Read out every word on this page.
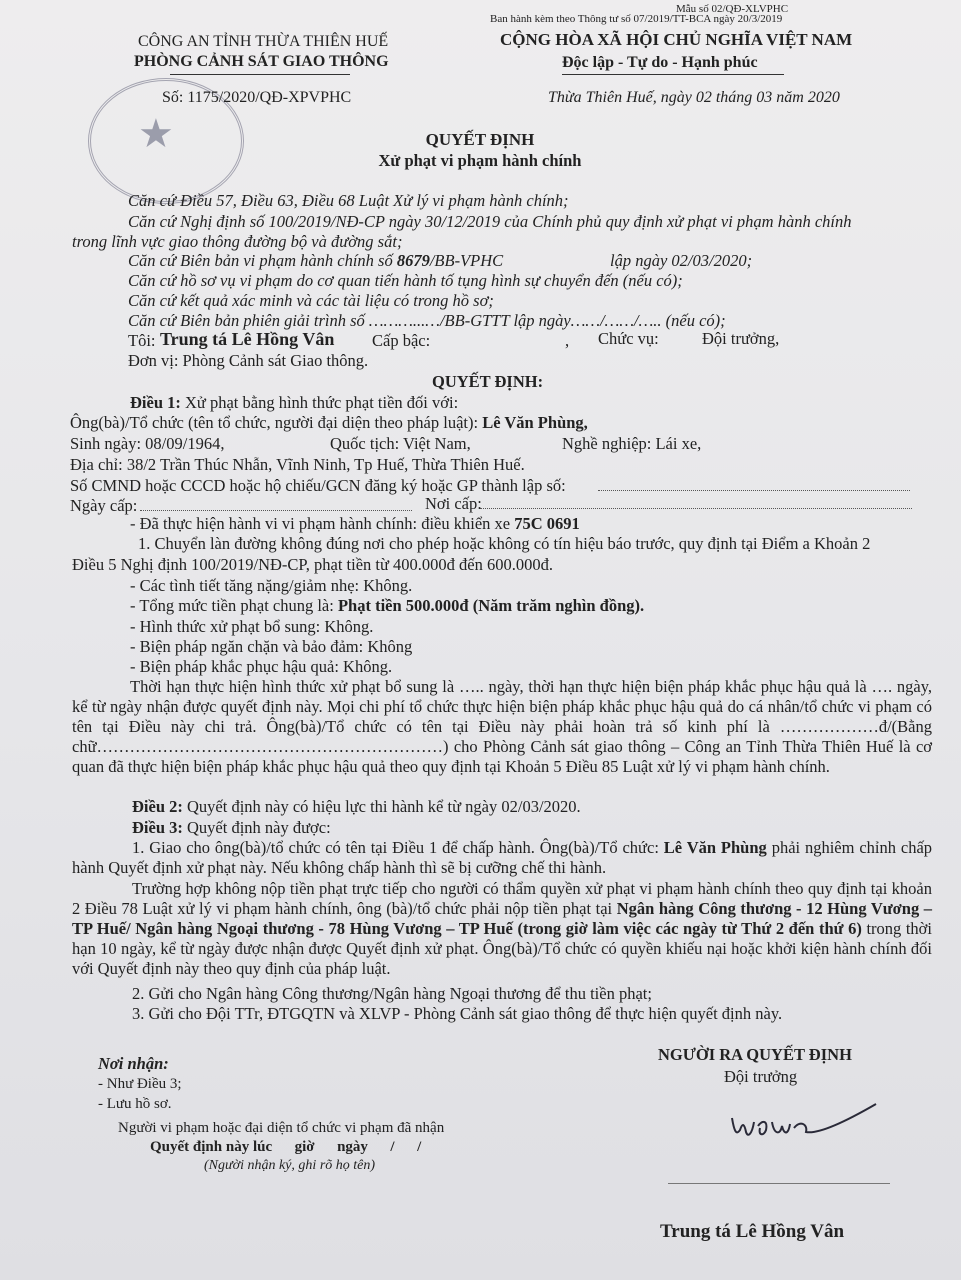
Mẫu số 02/QĐ-XLVPHC
Ban hành kèm theo Thông tư số 07/2019/TT-BCA ngày 20/3/2019
★
CÔNG AN TỈNH THỪA THIÊN HUẾ
PHÒNG CẢNH SÁT GIAO THÔNG
Số: 1175/2020/QĐ-XPVPHC
CỘNG HÒA XÃ HỘI CHỦ NGHĨA VIỆT NAM
Độc lập - Tự do - Hạnh phúc
Thừa Thiên Huế, ngày 02 tháng 03 năm 2020
QUYẾT ĐỊNH
Xử phạt vi phạm hành chính
Căn cứ Điều 57, Điều 63, Điều 68 Luật Xử lý vi phạm hành chính;
Căn cứ Nghị định số 100/2019/NĐ-CP ngày 30/12/2019 của Chính phủ quy định xử phạt vi phạm hành chính
trong lĩnh vực giao thông đường bộ và đường sắt;
Căn cứ Biên bản vi phạm hành chính số 8679/BB-VPHC	lập ngày 02/03/2020;
Căn cứ hồ sơ vụ vi phạm do cơ quan tiến hành tố tụng hình sự chuyển đến (nếu có);
Căn cứ kết quả xác minh và các tài liệu có trong hồ sơ;
Căn cứ Biên bản phiên giải trình số ………...…/BB-GTTT lập ngày……/……/….. (nếu có);
Tôi: Trung tá Lê Hồng Vân Cấp bậc:	, Chức vụ:	Đội trưởng,
Đơn vị: Phòng Cảnh sát Giao thông.
QUYẾT ĐỊNH:
Điều 1: Xử phạt bằng hình thức phạt tiền đối với:
Ông(bà)/Tổ chức (tên tổ chức, người đại diện theo pháp luật): Lê Văn Phùng,
Sinh ngày: 08/09/1964,	Quốc tịch: Việt Nam,	Nghề nghiệp: Lái xe,
Địa chỉ: 38/2 Trần Thúc Nhẫn, Vĩnh Ninh, Tp Huế, Thừa Thiên Huế.
Số CMND hoặc CCCD hoặc hộ chiếu/GCN đăng ký hoặc GP thành lập số:
Ngày cấp:	Nơi cấp:
- Đã thực hiện hành vi vi phạm hành chính: điều khiển xe 75C 0691
1. Chuyển làn đường không đúng nơi cho phép hoặc không có tín hiệu báo trước, quy định tại Điểm a Khoản 2
Điều 5 Nghị định 100/2019/NĐ-CP, phạt tiền từ 400.000đ đến 600.000đ.
- Các tình tiết tăng nặng/giảm nhẹ: Không.
- Tổng mức tiền phạt chung là: Phạt tiền 500.000đ (Năm trăm nghìn đồng).
- Hình thức xử phạt bổ sung: Không.
- Biện pháp ngăn chặn và bảo đảm: Không
- Biện pháp khắc phục hậu quả: Không.
Thời hạn thực hiện hình thức xử phạt bổ sung là ….. ngày, thời hạn thực hiện biện pháp khắc phục hậu quả là …. ngày, kể từ ngày nhận được quyết định này. Mọi chi phí tổ chức thực hiện biện pháp khắc phục hậu quả do cá nhân/tổ chức vi phạm có tên tại Điều này chi trả. Ông(bà)/Tổ chức có tên tại Điều này phải hoàn trả số kinh phí là ………………đ/(Bằng chữ………………………………………………………) cho Phòng Cảnh sát giao thông – Công an Tỉnh Thừa Thiên Huế là cơ quan đã thực hiện biện pháp khắc phục hậu quả theo quy định tại Khoản 5 Điều 85 Luật xử lý vi phạm hành chính.
Điều 2: Quyết định này có hiệu lực thi hành kể từ ngày 02/03/2020.
Điều 3: Quyết định này được:
1. Giao cho ông(bà)/tổ chức có tên tại Điều 1 để chấp hành. Ông(bà)/Tổ chức: Lê Văn Phùng phải nghiêm chỉnh chấp hành Quyết định xử phạt này. Nếu không chấp hành thì sẽ bị cưỡng chế thi hành.
Trường hợp không nộp tiền phạt trực tiếp cho người có thẩm quyền xử phạt vi phạm hành chính theo quy định tại khoản 2 Điều 78 Luật xử lý vi phạm hành chính, ông (bà)/tổ chức phải nộp tiền phạt tại Ngân hàng Công thương - 12 Hùng Vương – TP Huế/ Ngân hàng Ngoại thương - 78 Hùng Vương – TP Huế (trong giờ làm việc các ngày từ Thứ 2 đến thứ 6) trong thời hạn 10 ngày, kể từ ngày được nhận được Quyết định xử phạt. Ông(bà)/Tổ chức có quyền khiếu nại hoặc khởi kiện hành chính đối với Quyết định này theo quy định của pháp luật.
2. Gửi cho Ngân hàng Công thương/Ngân hàng Ngoại thương để thu tiền phạt;
3. Gửi cho Đội TTr, ĐTGQTN và XLVP - Phòng Cảnh sát giao thông để thực hiện quyết định này.
Nơi nhận:
- Như Điều 3;
- Lưu hồ sơ.
Người vi phạm hoặc đại diện tổ chức vi phạm đã nhận
Quyết định này lúc      giờ      ngày      /      /
(Người nhận ký, ghi rõ họ tên)
NGƯỜI RA QUYẾT ĐỊNH
Đội trưởng
Trung tá Lê Hồng Vân
